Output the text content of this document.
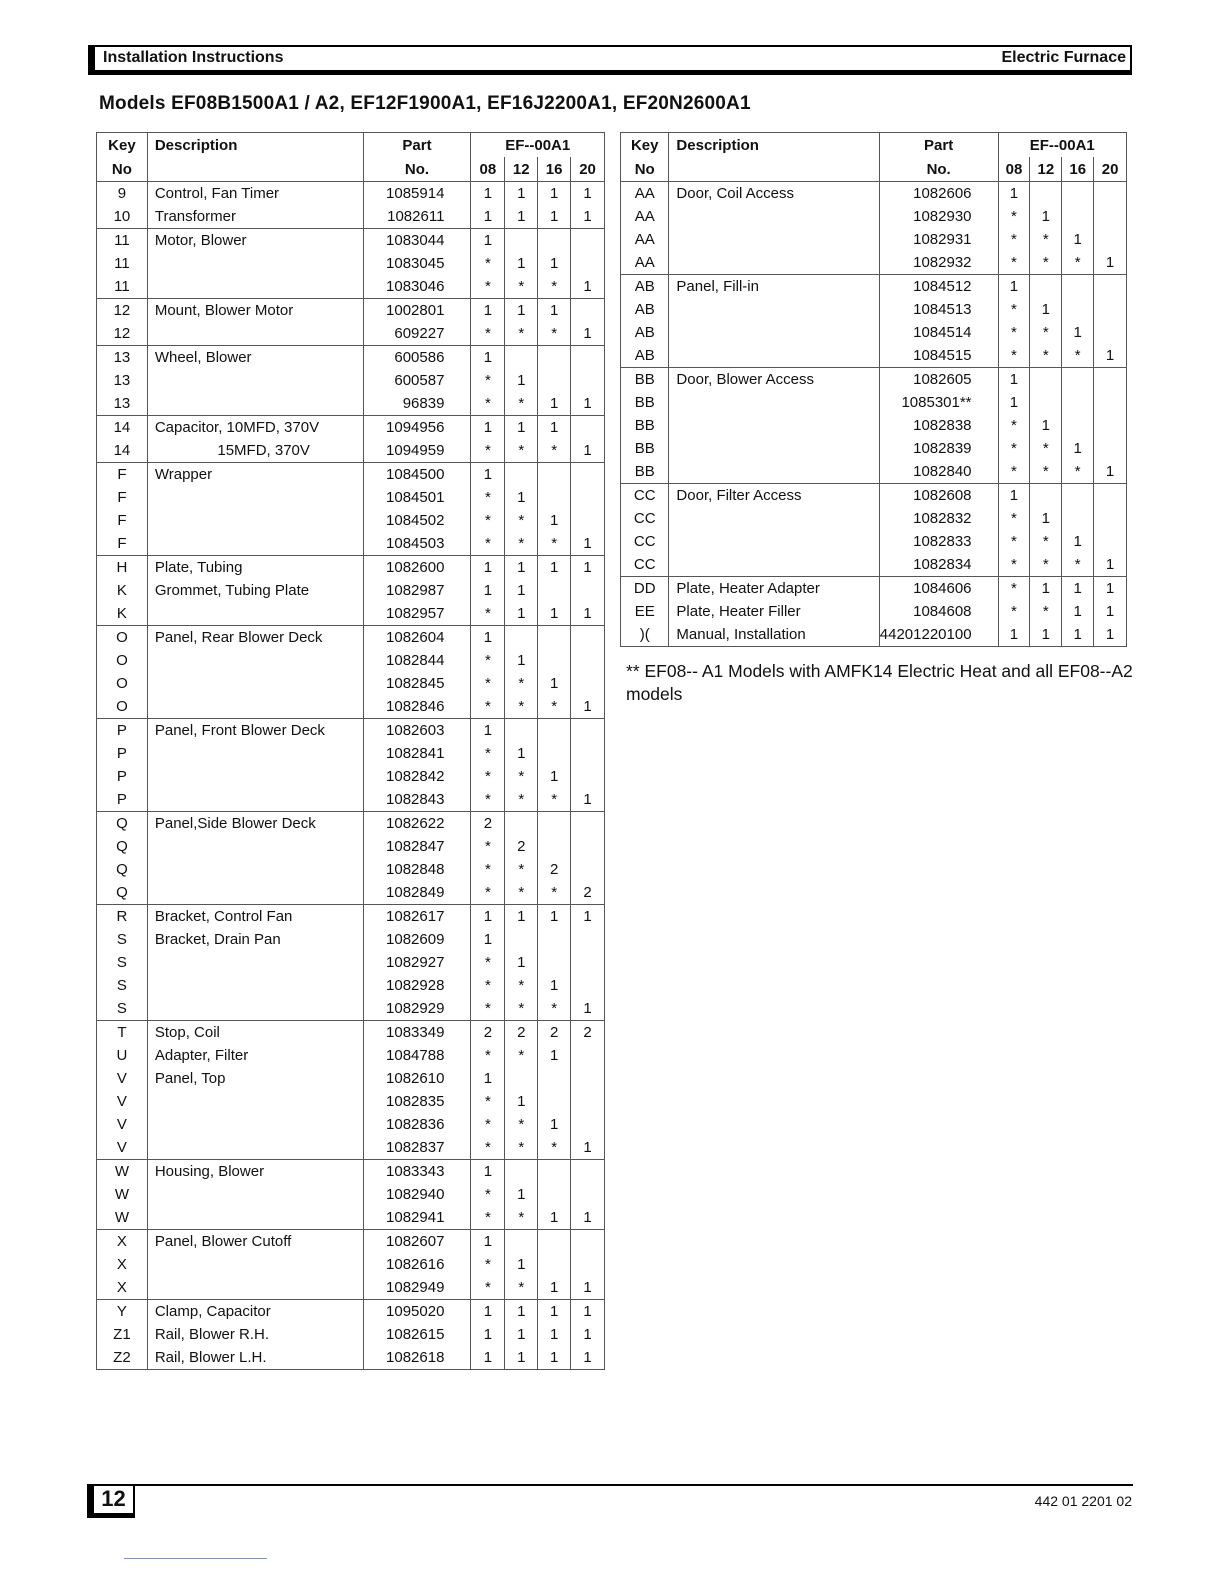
Installation Instructions	Electric Furnace
Models EF08B1500A1 / A2, EF12F1900A1, EF16J2200A1, EF20N2600A1
Key	Description	Part	EF--00A1			
No		No.	08	12	16	20
9	Control, Fan Timer	1085914	1	1	1	1
10	Transformer	1082611	1	1	1	1
11	Motor, Blower	1083044	1			
11		1083045	*	1	1	
11		1083046	*	*	*	1
12	Mount, Blower Motor	1002801	1	1	1	
12		609227	*	*	*	1
13	Wheel, Blower	600586	1			
13		600587	*	1		
13		96839	*	*	1	1
14	Capacitor, 10MFD, 370V	1094956	1	1	1	
14	15MFD, 370V	1094959	*	*	*	1
F	Wrapper	1084500	1			
F		1084501	*	1		
F		1084502	*	*	1	
F		1084503	*	*	*	1
H	Plate, Tubing	1082600	1	1	1	1
K	Grommet, Tubing Plate	1082987	1	1		
K		1082957	*	1	1	1
O	Panel, Rear Blower Deck	1082604	1			
O		1082844	*	1		
O		1082845	*	*	1	
O		1082846	*	*	*	1
P	Panel, Front Blower Deck	1082603	1			
P		1082841	*	1		
P		1082842	*	*	1	
P		1082843	*	*	*	1
Q	Panel,Side Blower Deck	1082622	2			
Q		1082847	*	2		
Q		1082848	*	*	2	
Q		1082849	*	*	*	2
R	Bracket, Control Fan	1082617	1	1	1	1
S	Bracket, Drain Pan	1082609	1			
S		1082927	*	1		
S		1082928	*	*	1	
S		1082929	*	*	*	1
T	Stop, Coil	1083349	2	2	2	2
U	Adapter, Filter	1084788	*	*	1	
V	Panel, Top	1082610	1			
V		1082835	*	1		
V		1082836	*	*	1	
V		1082837	*	*	*	1
W	Housing, Blower	1083343	1			
W		1082940	*	1		
W		1082941	*	*	1	1
X	Panel, Blower Cutoff	1082607	1			
X		1082616	*	1		
X		1082949	*	*	1	1
Y	Clamp, Capacitor	1095020	1	1	1	1
Z1	Rail, Blower R.H.	1082615	1	1	1	1
Z2	Rail, Blower L.H.	1082618	1	1	1	1
Key	Description	Part	EF--00A1			
No		No.	08	12	16	20
AA	Door, Coil Access	1082606	1			
AA		1082930	*	1		
AA		1082931	*	*	1	
AA		1082932	*	*	*	1
AB	Panel, Fill-in	1084512	1			
AB		1084513	*	1		
AB		1084514	*	*	1	
AB		1084515	*	*	*	1
BB	Door, Blower Access	1082605	1			
BB		1085301**	1			
BB		1082838	*	1		
BB		1082839	*	*	1	
BB		1082840	*	*	*	1
CC	Door, Filter Access	1082608	1			
CC		1082832	*	1		
CC		1082833	*	*	1	
CC		1082834	*	*	*	1
DD	Plate, Heater Adapter	1084606	*	1	1	1
EE	Plate, Heater Filler	1084608	*	*	1	1
)(	Manual, Installation	44201220100	1	1	1	1
** EF08-- A1 Models with AMFK14 Electric Heat and all EF08--A2 models
12	442 01 2201 02
